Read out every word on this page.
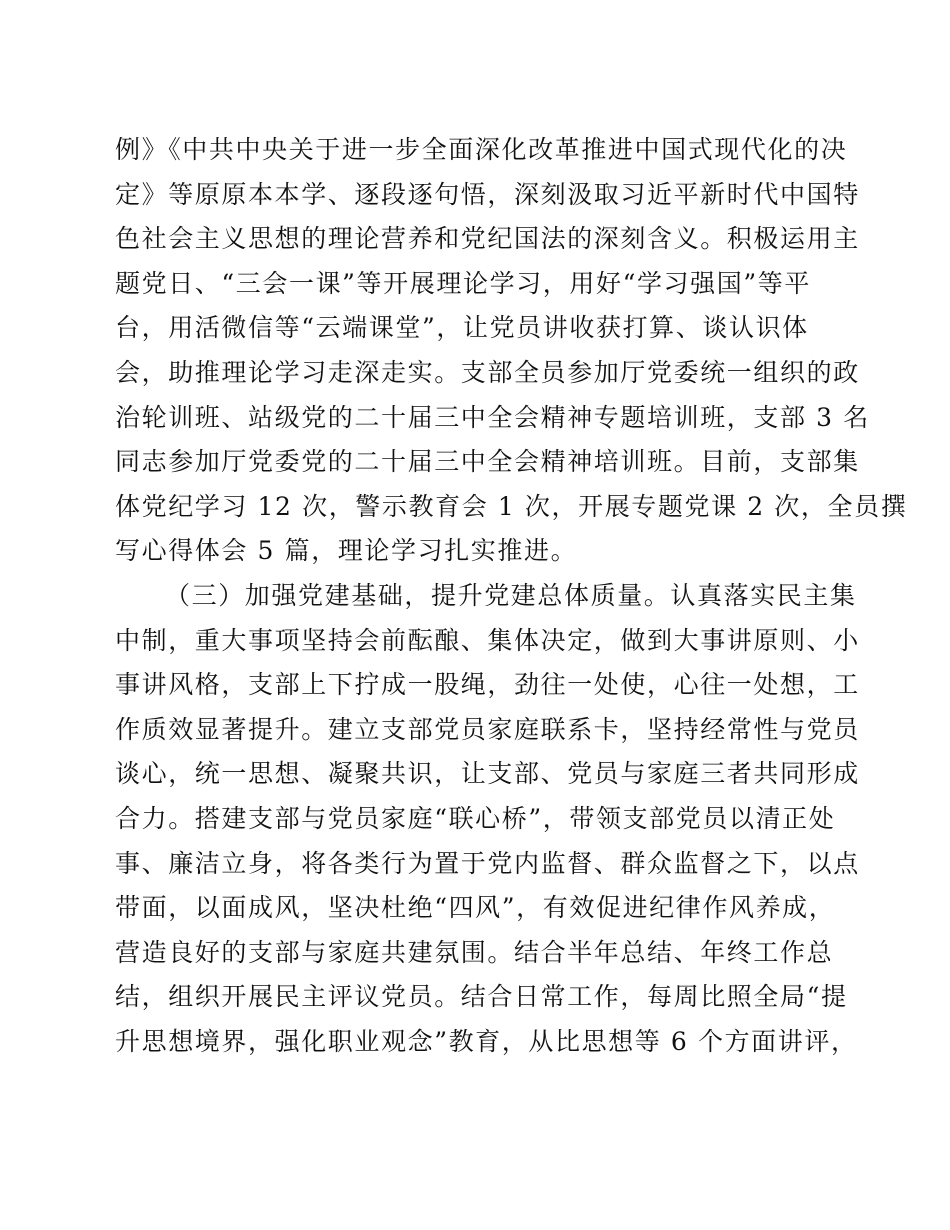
例》《中共中央关于进一步全面深化改革推进中国式现代化的决
定》等原原本本学、逐段逐句悟，深刻汲取习近平新时代中国特
色社会主义思想的理论营养和党纪国法的深刻含义。积极运用主
题党日、“三会一课”等开展理论学习，用好“学习强国”等平
台，用活微信等“云端课堂”，让党员讲收获打算、谈认识体
会，助推理论学习走深走实。支部全员参加厅党委统一组织的政
治轮训班、站级党的二十届三中全会精神专题培训班，支部 3 名
同志参加厅党委党的二十届三中全会精神培训班。目前，支部集
体党纪学习 12 次，警示教育会 1 次，开展专题党课 2 次，全员撰
写心得体会 5 篇，理论学习扎实推进。
（三）加强党建基础，提升党建总体质量。认真落实民主集
中制，重大事项坚持会前酝酿、集体决定，做到大事讲原则、小
事讲风格，支部上下拧成一股绳，劲往一处使，心往一处想，工
作质效显著提升。建立支部党员家庭联系卡，坚持经常性与党员
谈心，统一思想、凝聚共识，让支部、党员与家庭三者共同形成
合力。搭建支部与党员家庭“联心桥”，带领支部党员以清正处
事、廉洁立身，将各类行为置于党内监督、群众监督之下，以点
带面，以面成风，坚决杜绝“四风”，有效促进纪律作风养成，
营造良好的支部与家庭共建氛围。结合半年总结、年终工作总
结，组织开展民主评议党员。结合日常工作，每周比照全局“提
升思想境界，强化职业观念”教育，从比思想等 6 个方面讲评，
